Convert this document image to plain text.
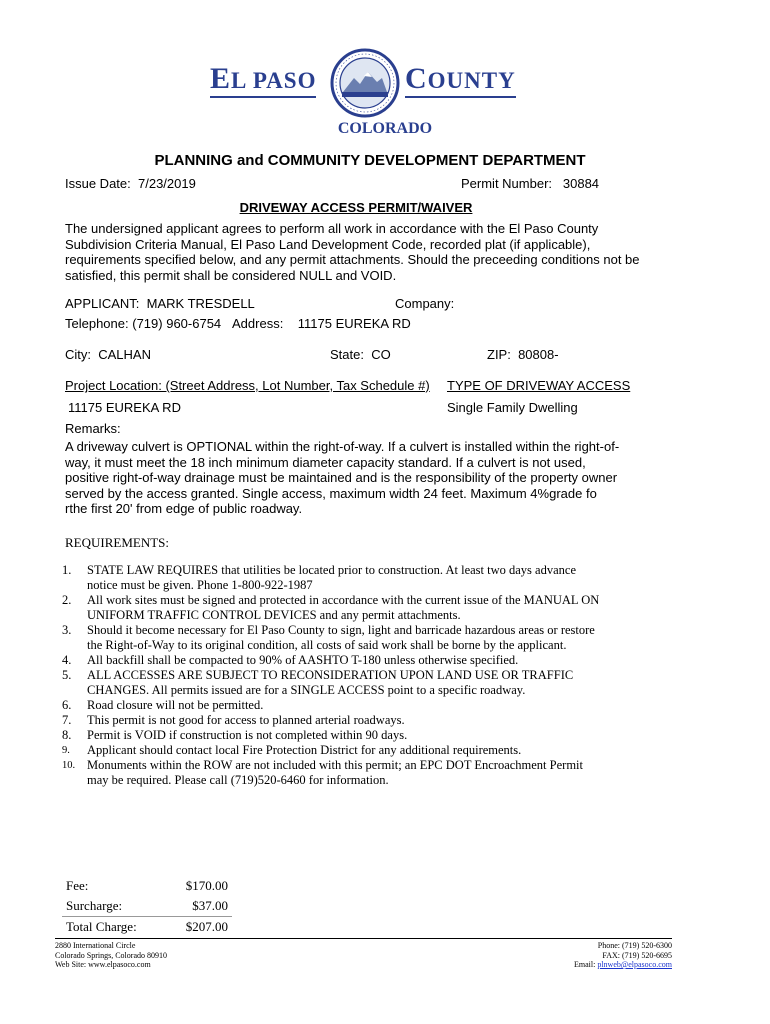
EL PASO	COUNTY
COLORADO
PLANNING and COMMUNITY DEVELOPMENT DEPARTMENT
Issue Date: 7/23/2019	Permit Number: 30884
DRIVEWAY ACCESS PERMIT/WAIVER
The undersigned applicant agrees to perform all work in accordance with the El Paso County
Subdivision Criteria Manual, El Paso Land Development Code, recorded plat (if applicable),
requirements specified below, and any permit attachments. Should the preceeding conditions not be
satisfied, this permit shall be considered NULL and VOID.
APPLICANT: MARK TRESDELL	Company:
Telephone: (719) 960-6754 Address: 11175 EUREKA RD
City: CALHAN	State: CO	ZIP: 80808-
Project Location: (Street Address, Lot Number, Tax Schedule #) TYPE OF DRIVEWAY ACCESS
11175 EUREKA RD	Single Family Dwelling
Remarks:
A driveway culvert is OPTIONAL within the right-of-way. If a culvert is installed within the right-of-
way, it must meet the 18 inch minimum diameter capacity standard. If a culvert is not used,
positive right-of-way drainage must be maintained and is the responsibility of the property owner
served by the access granted. Single access, maximum width 24 feet. Maximum 4%grade fo
rthe first 20' from edge of public roadway.
REQUIREMENTS:
1.	STATE LAW REQUIRES that utilities be located prior to construction. At least two days advance
notice must be given. Phone 1-800-922-1987
2.	All work sites must be signed and protected in accordance with the current issue of the MANUAL ON
UNIFORM TRAFFIC CONTROL DEVICES and any permit attachments.
3.	Should it become necessary for El Paso County to sign, light and barricade hazardous areas or restore
the Right-of-Way to its original condition, all costs of said work shall be borne by the applicant.
4.	All backfill shall be compacted to 90% of AASHTO T-180 unless otherwise specified.
5.	ALL ACCESSES ARE SUBJECT TO RECONSIDERATION UPON LAND USE OR TRAFFIC
CHANGES. All permits issued are for a SINGLE ACCESS point to a specific roadway.
6.	Road closure will not be permitted.
7.	This permit is not good for access to planned arterial roadways.
8.	Permit is VOID if construction is not completed within 90 days.
9.	Applicant should contact local Fire Protection District for any additional requirements.
10. Monuments within the ROW are not included with this permit; an EPC DOT Encroachment Permit
may be required. Please call (719)520-6460 for information.
Fee:	$170.00
Surcharge:	$37.00
Total Charge:	$207.00
2880 International Circle
Colorado Springs, Colorado 80910
Web Site: www.elpasoco.com
Phone: (719) 520-6300
FAX: (719) 520-6695
Email: plnweb@elpasoco.com
